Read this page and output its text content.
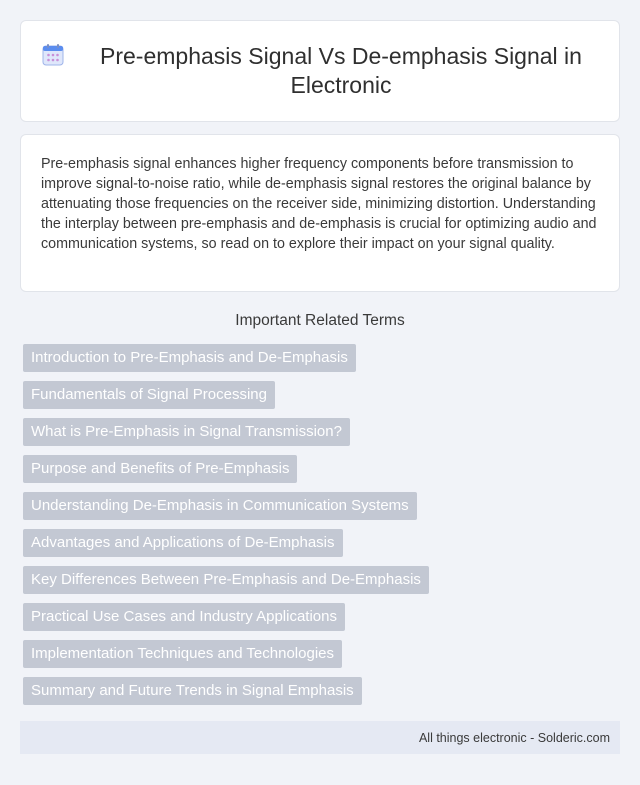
Pre-emphasis Signal Vs De-emphasis Signal in Electronic

Pre-emphasis signal enhances higher frequency components before transmission to improve signal-to-noise ratio, while de-emphasis signal restores the original balance by attenuating those frequencies on the receiver side, minimizing distortion. Understanding the interplay between pre-emphasis and de-emphasis is crucial for optimizing audio and communication systems, so read on to explore their impact on your signal quality.

Important Related Terms
Introduction to Pre-Emphasis and De-Emphasis
Fundamentals of Signal Processing
What is Pre-Emphasis in Signal Transmission?
Purpose and Benefits of Pre-Emphasis
Understanding De-Emphasis in Communication Systems
Advantages and Applications of De-Emphasis
Key Differences Between Pre-Emphasis and De-Emphasis
Practical Use Cases and Industry Applications
Implementation Techniques and Technologies
Summary and Future Trends in Signal Emphasis
All things electronic - Solderic.com
